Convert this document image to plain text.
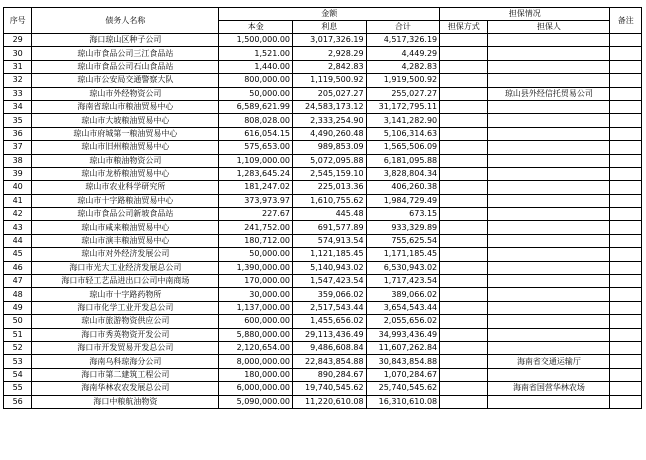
序号	债务人名称	金额			担保情况		备注
		本金	利息	合计	担保方式	担保人	
29	海口琼山区种子公司	1,500,000.00	3,017,326.19	4,517,326.19			
30	琼山市食品公司三江食品站	1,521.00	2,928.29	4,449.29			
31	琼山市食品公司石山食品站	1,440.00	2,842.83	4,282.83			
32	琼山市公安局交通警察大队	800,000.00	1,119,500.92	1,919,500.92			
33	琼山市外经物资公司	50,000.00	205,027.27	255,027.27		琼山县外经信托贸易公司	
34	海南省琼山市粮油贸易中心	6,589,621.99	24,583,173.12	31,172,795.11			
35	琼山市大坡粮油贸易中心	808,028.00	2,333,254.90	3,141,282.90			
36	琼山市府城第一粮油贸易中心	616,054.15	4,490,260.48	5,106,314.63			
37	琼山市旧州粮油贸易中心	575,653.00	989,853.09	1,565,506.09			
38	琼山市粮油物资公司	1,109,000.00	5,072,095.88	6,181,095.88			
39	琼山市龙桥粮油贸易中心	1,283,645.24	2,545,159.10	3,828,804.34			
40	琼山市农业科学研究所	181,247.02	225,013.36	406,260.38			
41	琼山市十字路粮油贸易中心	373,973.97	1,610,755.62	1,984,729.49			
42	琼山市食品公司新坡食品站	227.67	445.48	673.15			
43	琼山市咸来粮油贸易中心	241,752.00	691,577.89	933,329.89			
44	琼山市演丰粮油贸易中心	180,712.00	574,913.54	755,625.54			
45	琼山市对外经济发展公司	50,000.00	1,121,185.45	1,171,185.45			
46	海口市光大工业经济发展总公司	1,390,000.00	5,140,943.02	6,530,943.02			
47	海口市轻工艺品进出口公司中南商场	170,000.00	1,547,423.54	1,717,423.54			
48	琼山市十字路药物所	30,000.00	359,066.02	389,066.02			
49	海口市化学工业开发总公司	1,137,000.00	2,517,543.44	3,654,543.44			
50	琼山市旅游物资供应公司	600,000.00	1,455,656.02	2,055,656.02			
51	海口市秀英物资开发公司	5,880,000.00	29,113,436.49	34,993,436.49			
52	海口市开发贸易开发总公司	2,120,654.00	9,486,608.84	11,607,262.84			
53	海南乌科琼海分公司	8,000,000.00	22,843,854.88	30,843,854.88		海南省交通运输厅	
54	海口市第二建筑工程公司	180,000.00	890,284.67	1,070,284.67			
55	海南华林农农发展总公司	6,000,000.00	19,740,545.62	25,740,545.62		海南省国营华林农场	
56	海口中粮航油物资	5,090,000.00	11,220,610.08	16,310,610.08			
